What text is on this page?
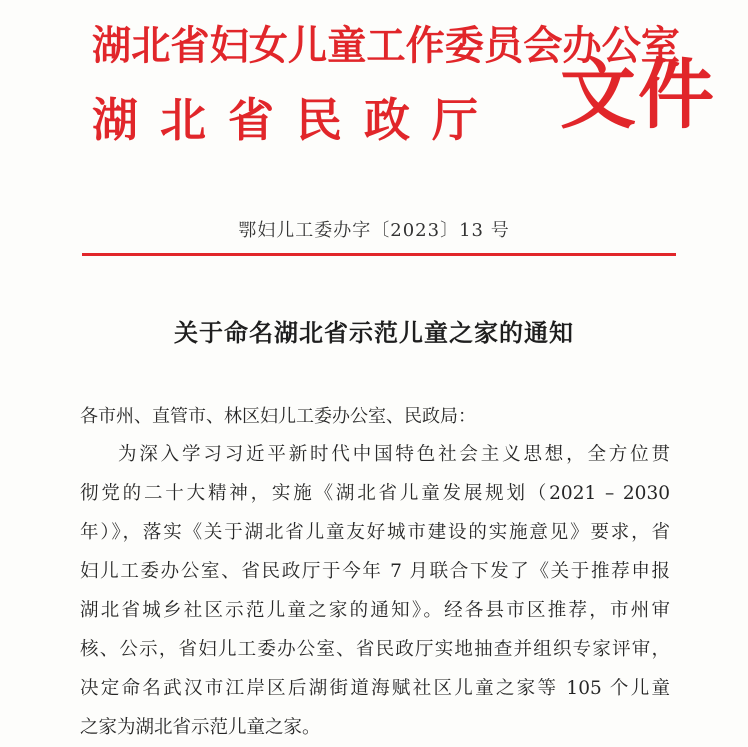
湖北省妇女儿童工作委员会办公室
湖北省民政厅 文件
鄂妇儿工委办字〔2023〕13 号
关于命名湖北省示范儿童之家的通知
各市州、直管市、林区妇儿工委办公室、民政局：
为深入学习习近平新时代中国特色社会主义思想，全方位贯
彻党的二十大精神，实施《湖北省儿童发展规划（2021 – 2030
年）》，落实《关于湖北省儿童友好城市建设的实施意见》要求，省
妇儿工委办公室、省民政厅于今年 7 月联合下发了《关于推荐申报
湖北省城乡社区示范儿童之家的通知》。经各县市区推荐，市州审
核、公示，省妇儿工委办公室、省民政厅实地抽查并组织专家评审，
决定命名武汉市江岸区后湖街道海赋社区儿童之家等 105 个儿童
之家为湖北省示范儿童之家。
